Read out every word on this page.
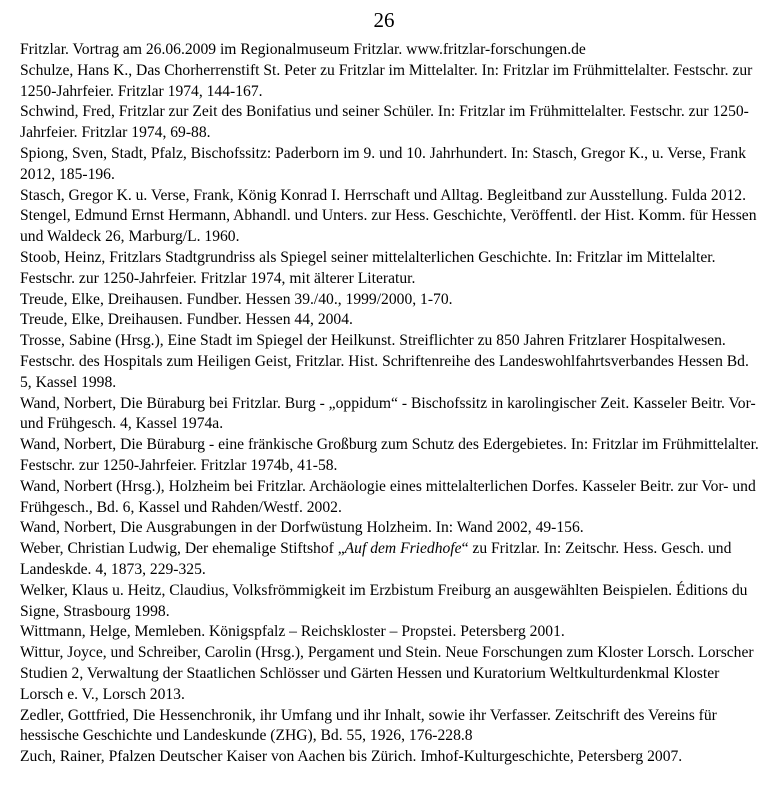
26

Fritzlar. Vortrag am 26.06.2009 im Regionalmuseum Fritzlar. www.fritzlar-forschungen.de

Schulze, Hans K., Das Chorherrenstift St. Peter zu Fritzlar im Mittelalter. In: Fritzlar im Frühmittelalter. Festschr. zur 1250-Jahrfeier. Fritzlar 1974, 144-167.

Schwind, Fred, Fritzlar zur Zeit des Bonifatius und seiner Schüler. In: Fritzlar im Frühmittelalter. Festschr. zur 1250-Jahrfeier. Fritzlar 1974, 69-88.

Spiong, Sven, Stadt, Pfalz, Bischofssitz: Paderborn im 9. und 10. Jahrhundert. In: Stasch, Gregor K., u. Verse, Frank 2012, 185-196.

Stasch, Gregor K. u. Verse, Frank, König Konrad I. Herrschaft und Alltag. Begleitband zur Ausstellung. Fulda 2012.

Stengel, Edmund Ernst Hermann, Abhandl. und Unters. zur Hess. Geschichte, Veröffentl. der Hist. Komm. für Hessen und Waldeck 26, Marburg/L. 1960.

Stoob, Heinz, Fritzlars Stadtgrundriss als Spiegel seiner mittelalterlichen Geschichte. In: Fritzlar im Mittelalter. Festschr. zur 1250-Jahrfeier. Fritzlar 1974, mit älterer Literatur.

Treude, Elke, Dreihausen. Fundber. Hessen 39./40., 1999/2000, 1-70.

Treude, Elke, Dreihausen. Fundber. Hessen 44, 2004.

Trosse, Sabine (Hrsg.), Eine Stadt im Spiegel der Heilkunst. Streiflichter zu 850 Jahren Fritzlarer Hospitalwesen. Festschr. des Hospitals zum Heiligen Geist, Fritzlar. Hist. Schriftenreihe des Landeswohlfahrtsverbandes Hessen Bd. 5, Kassel 1998.

Wand, Norbert, Die Büraburg bei Fritzlar. Burg - „oppidum“ - Bischofssitz in karolingischer Zeit. Kasseler Beitr. Vor- und Frühgesch. 4, Kassel 1974a.

Wand, Norbert, Die Büraburg - eine fränkische Großburg zum Schutz des Edergebietes. In: Fritzlar im Frühmittelalter. Festschr. zur 1250-Jahrfeier. Fritzlar 1974b, 41-58.

Wand, Norbert (Hrsg.), Holzheim bei Fritzlar. Archäologie eines mittelalterlichen Dorfes. Kasseler Beitr. zur Vor- und Frühgesch., Bd. 6, Kassel und Rahden/Westf. 2002.

Wand, Norbert, Die Ausgrabungen in der Dorfwüstung Holzheim. In: Wand 2002, 49-156.

Weber, Christian Ludwig, Der ehemalige Stiftshof „Auf dem Friedhofe“ zu Fritzlar. In: Zeitschr. Hess. Gesch. und Landeskde. 4, 1873, 229-325.

Welker, Klaus u. Heitz, Claudius, Volksfrömmigkeit im Erzbistum Freiburg an ausgewählten Beispielen. Éditions du Signe, Strasbourg 1998.

Wittmann, Helge, Memleben. Königspfalz – Reichskloster – Propstei. Petersberg 2001.

Wittur, Joyce, und Schreiber, Carolin (Hrsg.), Pergament und Stein. Neue Forschungen zum Kloster Lorsch. Lorscher Studien 2, Verwaltung der Staatlichen Schlösser und Gärten Hessen und Kuratorium Weltkulturdenkmal Kloster Lorsch e. V., Lorsch 2013.

Zedler, Gottfried, Die Hessenchronik, ihr Umfang und ihr Inhalt, sowie ihr Verfasser. Zeitschrift des Vereins für hessische Geschichte und Landeskunde (ZHG), Bd. 55, 1926, 176-228.8

Zuch, Rainer, Pfalzen Deutscher Kaiser von Aachen bis Zürich. Imhof-Kulturgeschichte, Petersberg 2007.
